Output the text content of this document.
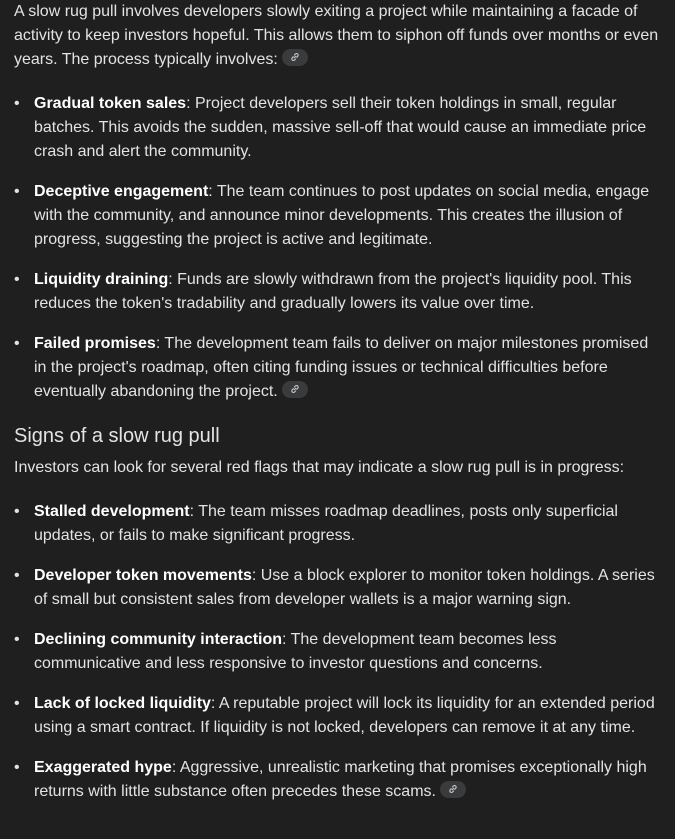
A slow rug pull involves developers slowly exiting a project while maintaining a facade of activity to keep investors hopeful. This allows them to siphon off funds over months or even years. The process typically involves:

• Gradual token sales: Project developers sell their token holdings in small, regular batches. This avoids the sudden, massive sell-off that would cause an immediate price crash and alert the community.
• Deceptive engagement: The team continues to post updates on social media, engage with the community, and announce minor developments. This creates the illusion of progress, suggesting the project is active and legitimate.
• Liquidity draining: Funds are slowly withdrawn from the project's liquidity pool. This reduces the token's tradability and gradually lowers its value over time.
• Failed promises: The development team fails to deliver on major milestones promised in the project's roadmap, often citing funding issues or technical difficulties before eventually abandoning the project.
Signs of a slow rug pull

Investors can look for several red flags that may indicate a slow rug pull is in progress:

• Stalled development: The team misses roadmap deadlines, posts only superficial updates, or fails to make significant progress.
• Developer token movements: Use a block explorer to monitor token holdings. A series of small but consistent sales from developer wallets is a major warning sign.
• Declining community interaction: The development team becomes less communicative and less responsive to investor questions and concerns.
• Lack of locked liquidity: A reputable project will lock its liquidity for an extended period using a smart contract. If liquidity is not locked, developers can remove it at any time.
• Exaggerated hype: Aggressive, unrealistic marketing that promises exceptionally high returns with little substance often precedes these scams.
